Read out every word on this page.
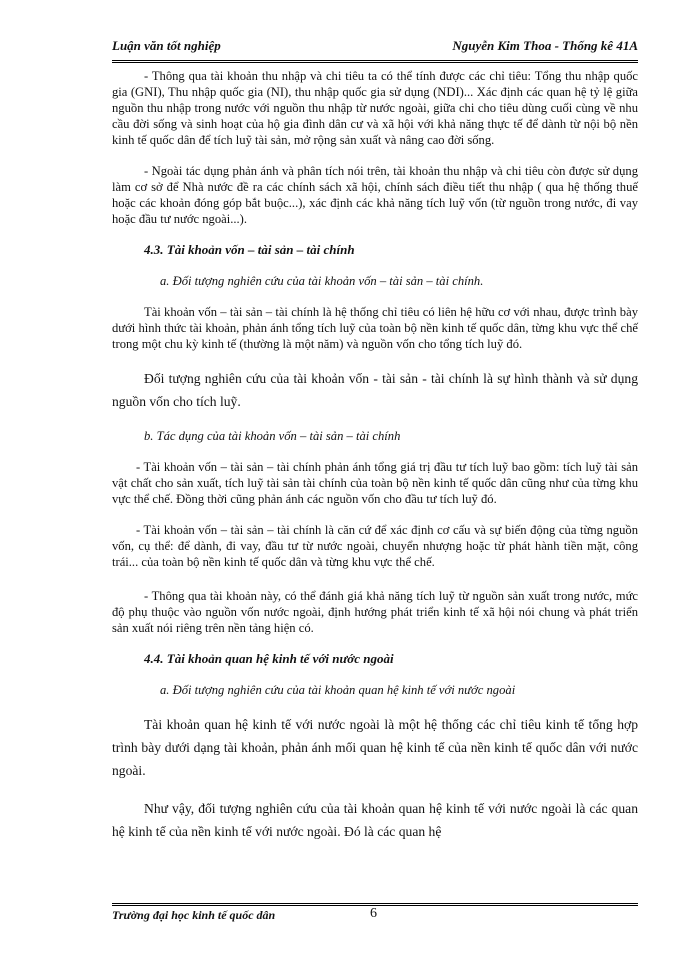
Luận văn tốt nghiệp	Nguyễn Kim Thoa - Thống kê 41A

- Thông qua tài khoản thu nhập và chi tiêu ta có thể tính được các chỉ tiêu: Tổng thu nhập quốc gia (GNI), Thu nhập quốc gia (NI), thu nhập quốc gia sử dụng (NDI)... Xác định các quan hệ tỷ lệ giữa nguồn thu nhập trong nước với nguồn thu nhập từ nước ngoài, giữa chi cho tiêu dùng cuối cùng về nhu cầu đời sống và sinh hoạt của hộ gia đình dân cư và xã hội với khả năng thực tế để dành từ nội bộ nền kinh tế quốc dân để tích luỹ tài sản, mở rộng sản xuất và nâng cao đời sống.

- Ngoài tác dụng phản ánh và phân tích nói trên, tài khoản thu nhập và chi tiêu còn được sử dụng làm cơ sở để Nhà nước đề ra các chính sách xã hội, chính sách điều tiết thu nhập ( qua hệ thống thuế hoặc các khoản đóng góp bắt buộc...), xác định các khả năng tích luỹ vốn (từ nguồn trong nước, đi vay hoặc đầu tư nước ngoài...).

4.3. Tài khoản vốn – tài sản – tài chính

a. Đối tượng nghiên cứu của tài khoản vốn – tài sản – tài chính.

Tài khoản vốn – tài sản – tài chính là hệ thống chỉ tiêu có liên hệ hữu cơ với nhau, được trình bày dưới hình thức tài khoản, phản ánh tổng tích luỹ của toàn bộ nền kinh tế quốc dân, từng khu vực thể chế trong một chu kỳ kinh tế (thường là một năm) và nguồn vốn cho tổng tích luỹ đó.

Đối tượng nghiên cứu của tài khoản vốn - tài sản - tài chính là sự hình thành và sử dụng nguồn vốn cho tích luỹ.

b. Tác dụng của tài khoản vốn – tài sản – tài chính

- Tài khoản vốn – tài sản – tài chính phản ánh tổng giá trị đầu tư tích luỹ bao gồm: tích luỹ tài sản vật chất cho sản xuất, tích luỹ tài sản tài chính của toàn bộ nền kinh tế quốc dân cũng như của từng khu vực thể chế. Đồng thời cũng phản ánh các nguồn vốn cho đầu tư tích luỹ đó.

- Tài khoản vốn – tài sản – tài chính là căn cứ để xác định cơ cấu và sự biến động của từng nguồn vốn, cụ thể: để dành, đi vay, đầu tư từ nước ngoài, chuyển nhượng hoặc từ phát hành tiền mặt, công trái... của toàn bộ nền kinh tế quốc dân và từng khu vực thể chế.

- Thông qua tài khoản này, có thể đánh giá khả năng tích luỹ từ nguồn sản xuất trong nước, mức độ phụ thuộc vào nguồn vốn nước ngoài, định hướng phát triển kinh tế xã hội nói chung và phát triển sản xuất nói riêng trên nền tảng hiện có.

4.4. Tài khoản quan hệ kinh tế với nước ngoài

a. Đối tượng nghiên cứu của tài khoản quan hệ kinh tế với nước ngoài

Tài khoản quan hệ kinh tế với nước ngoài là một hệ thống các chỉ tiêu kinh tế tổng hợp trình bày dưới dạng tài khoản, phản ánh mối quan hệ kinh tế của nền kinh tế quốc dân với nước ngoài.

Như vậy, đối tượng nghiên cứu của tài khoản quan hệ kinh tế với nước ngoài là các quan hệ kinh tế của nền kinh tế với nước ngoài. Đó là các quan hệ

Trường đại học kinh tế quốc dân	6
